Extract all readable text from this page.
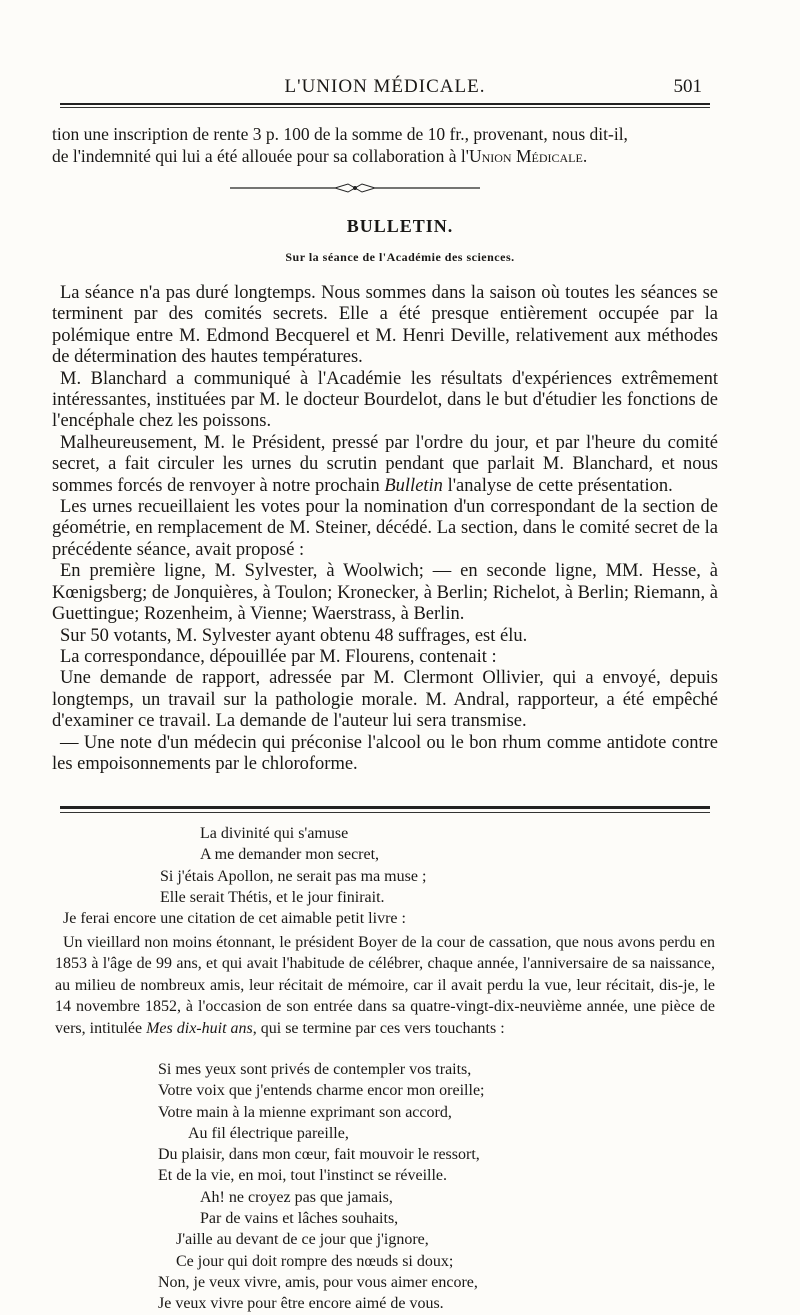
L'UNION MÉDICALE.	501

tion une inscription de rente 3 p. 100 de la somme de 10 fr., provenant, nous dit-il,

de l'indemnité qui lui a été allouée pour sa collaboration à l'Union Médicale.

BULLETIN.
Sur la séance de l'Académie des sciences.

La séance n'a pas duré longtemps. Nous sommes dans la saison où toutes les séances se terminent par des comités secrets. Elle a été presque entièrement occupée par la polémique entre M. Edmond Becquerel et M. Henri Deville, relativement aux méthodes de détermination des hautes températures.

M. Blanchard a communiqué à l'Académie les résultats d'expériences extrêmement intéressantes, instituées par M. le docteur Bourdelot, dans le but d'étudier les fonctions de l'encéphale chez les poissons.

Malheureusement, M. le Président, pressé par l'ordre du jour, et par l'heure du comité secret, a fait circuler les urnes du scrutin pendant que parlait M. Blanchard, et nous sommes forcés de renvoyer à notre prochain Bulletin l'analyse de cette présentation.

Les urnes recueillaient les votes pour la nomination d'un correspondant de la section de géométrie, en remplacement de M. Steiner, décédé. La section, dans le comité secret de la précédente séance, avait proposé :

En première ligne, M. Sylvester, à Woolwich; — en seconde ligne, MM. Hesse, à Kœnigsberg; de Jonquières, à Toulon; Kronecker, à Berlin; Richelot, à Berlin; Riemann, à Guettingue; Rozenheim, à Vienne; Waerstrass, à Berlin.

Sur 50 votants, M. Sylvester ayant obtenu 48 suffrages, est élu.

La correspondance, dépouillée par M. Flourens, contenait :

Une demande de rapport, adressée par M. Clermont Ollivier, qui a envoyé, depuis longtemps, un travail sur la pathologie morale. M. Andral, rapporteur, a été empêché d'examiner ce travail. La demande de l'auteur lui sera transmise.

— Une note d'un médecin qui préconise l'alcool ou le bon rhum comme antidote contre les empoisonnements par le chloroforme.

La divinité qui s'amuse
A me demander mon secret,
Si j'étais Apollon, ne serait pas ma muse ;
Elle serait Thétis, et le jour finirait.

Je ferai encore une citation de cet aimable petit livre :

Un vieillard non moins étonnant, le président Boyer de la cour de cassation, que nous avons perdu en 1853 à l'âge de 99 ans, et qui avait l'habitude de célébrer, chaque année, l'anniversaire de sa naissance, au milieu de nombreux amis, leur récitait de mémoire, car il avait perdu la vue, leur récitait, dis-je, le 14 novembre 1852, à l'occasion de son entrée dans sa quatre-vingt-dix-neuvième année, une pièce de vers, intitulée Mes dix-huit ans, qui se termine par ces vers touchants :

Si mes yeux sont privés de contempler vos traits,
Votre voix que j'entends charme encor mon oreille;
Votre main à la mienne exprimant son accord,
Au fil électrique pareille,
Du plaisir, dans mon cœur, fait mouvoir le ressort,
Et de la vie, en moi, tout l'instinct se réveille.
Ah! ne croyez pas que jamais,
Par de vains et lâches souhaits,
J'aille au devant de ce jour que j'ignore,
Ce jour qui doit rompre des nœuds si doux;
Non, je veux vivre, amis, pour vous aimer encore,
Je veux vivre pour être encore aimé de vous.
